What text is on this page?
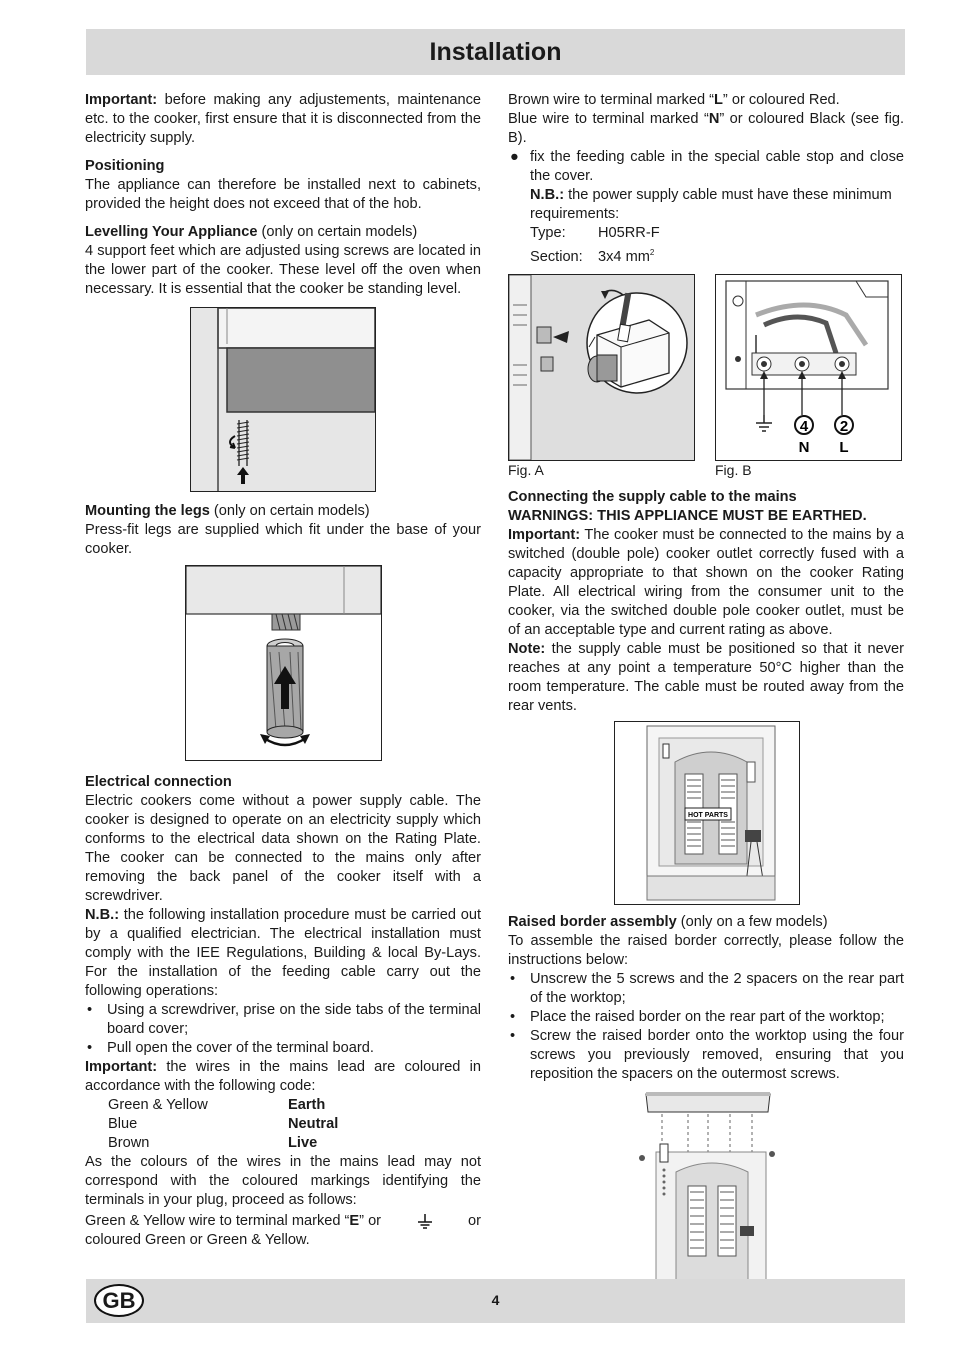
Installation

Important: before making any adjustements, maintenance etc. to the cooker, first ensure that it is disconnected from the electricity supply.

Positioning

The appliance can therefore be installed next to cabinets, provided the height does not exceed that of the hob.

Levelling Your Appliance (only on certain models)

4 support feet which are adjusted using screws are located in the lower part of the cooker. These level off the oven when necessary. It is essential that the cooker be standing level.

Mounting the legs (only on certain models)

Press-fit legs are supplied which fit under the base of your cooker.

Electrical connection

Electric cookers come without a power supply cable. The cooker is designed to operate on an electricity supply which conforms to the electrical data shown on the Rating Plate. The cooker can be connected to the mains only after removing the back panel of the cooker itself with a screwdriver.

N.B.: the following installation procedure must be carried out by a qualified electrician. The electrical installation must comply with the IEE Regulations, Building & local By-Lays. For the installation of the feeding cable carry out the following operations:

• Using a screwdriver, prise on the side tabs of the terminal board cover;
• Pull open the cover of the terminal board.

Important: the wires in the mains lead are coloured in accordance with the following code:

Green & Yellow	Earth
Blue	Neutral
Brown	Live

As the colours of the wires in the mains lead may not correspond with the coloured markings identifying the terminals in your plug, proceed as follows:

Green & Yellow wire to terminal marked “E” or	or

coloured Green or Green & Yellow.

Brown wire to terminal marked “L” or coloured Red.

Blue wire to terminal marked “N” or coloured Black (see fig. B).

● fix the feeding cable in the special cable stop and close the cover.

N.B.: the power supply cable must have these minimum requirements:

Type: H05RR-F

Section: 3x4 $mm^2$

Fig. A
4 2
N L
Fig. B

Connecting the supply cable to the mains

WARNINGS: THIS APPLIANCE MUST BE EARTHED.

Important: The cooker must be connected to the mains by a switched (double pole) cooker outlet correctly fused with a capacity appropriate to that shown on the cooker Rating Plate. All electrical wiring from the consumer unit to the cooker, via the switched double pole cooker outlet, must be of an acceptable type and current rating as above.

Note: the supply cable must be positioned so that it never reaches at any point a temperature 50°C higher than the room temperature. The cable must be routed away from the rear vents.

HOT PARTS

Raised border assembly (only on a few models)

To assemble the raised border correctly, please follow the instructions below:

• Unscrew the 5 screws and the 2 spacers on the rear part of the worktop;
• Place the raised border on the rear part of the worktop;
• Screw the raised border onto the worktop using the four screws you previously removed, ensuring that you reposition the spacers on the outermost screws.
GB	4
